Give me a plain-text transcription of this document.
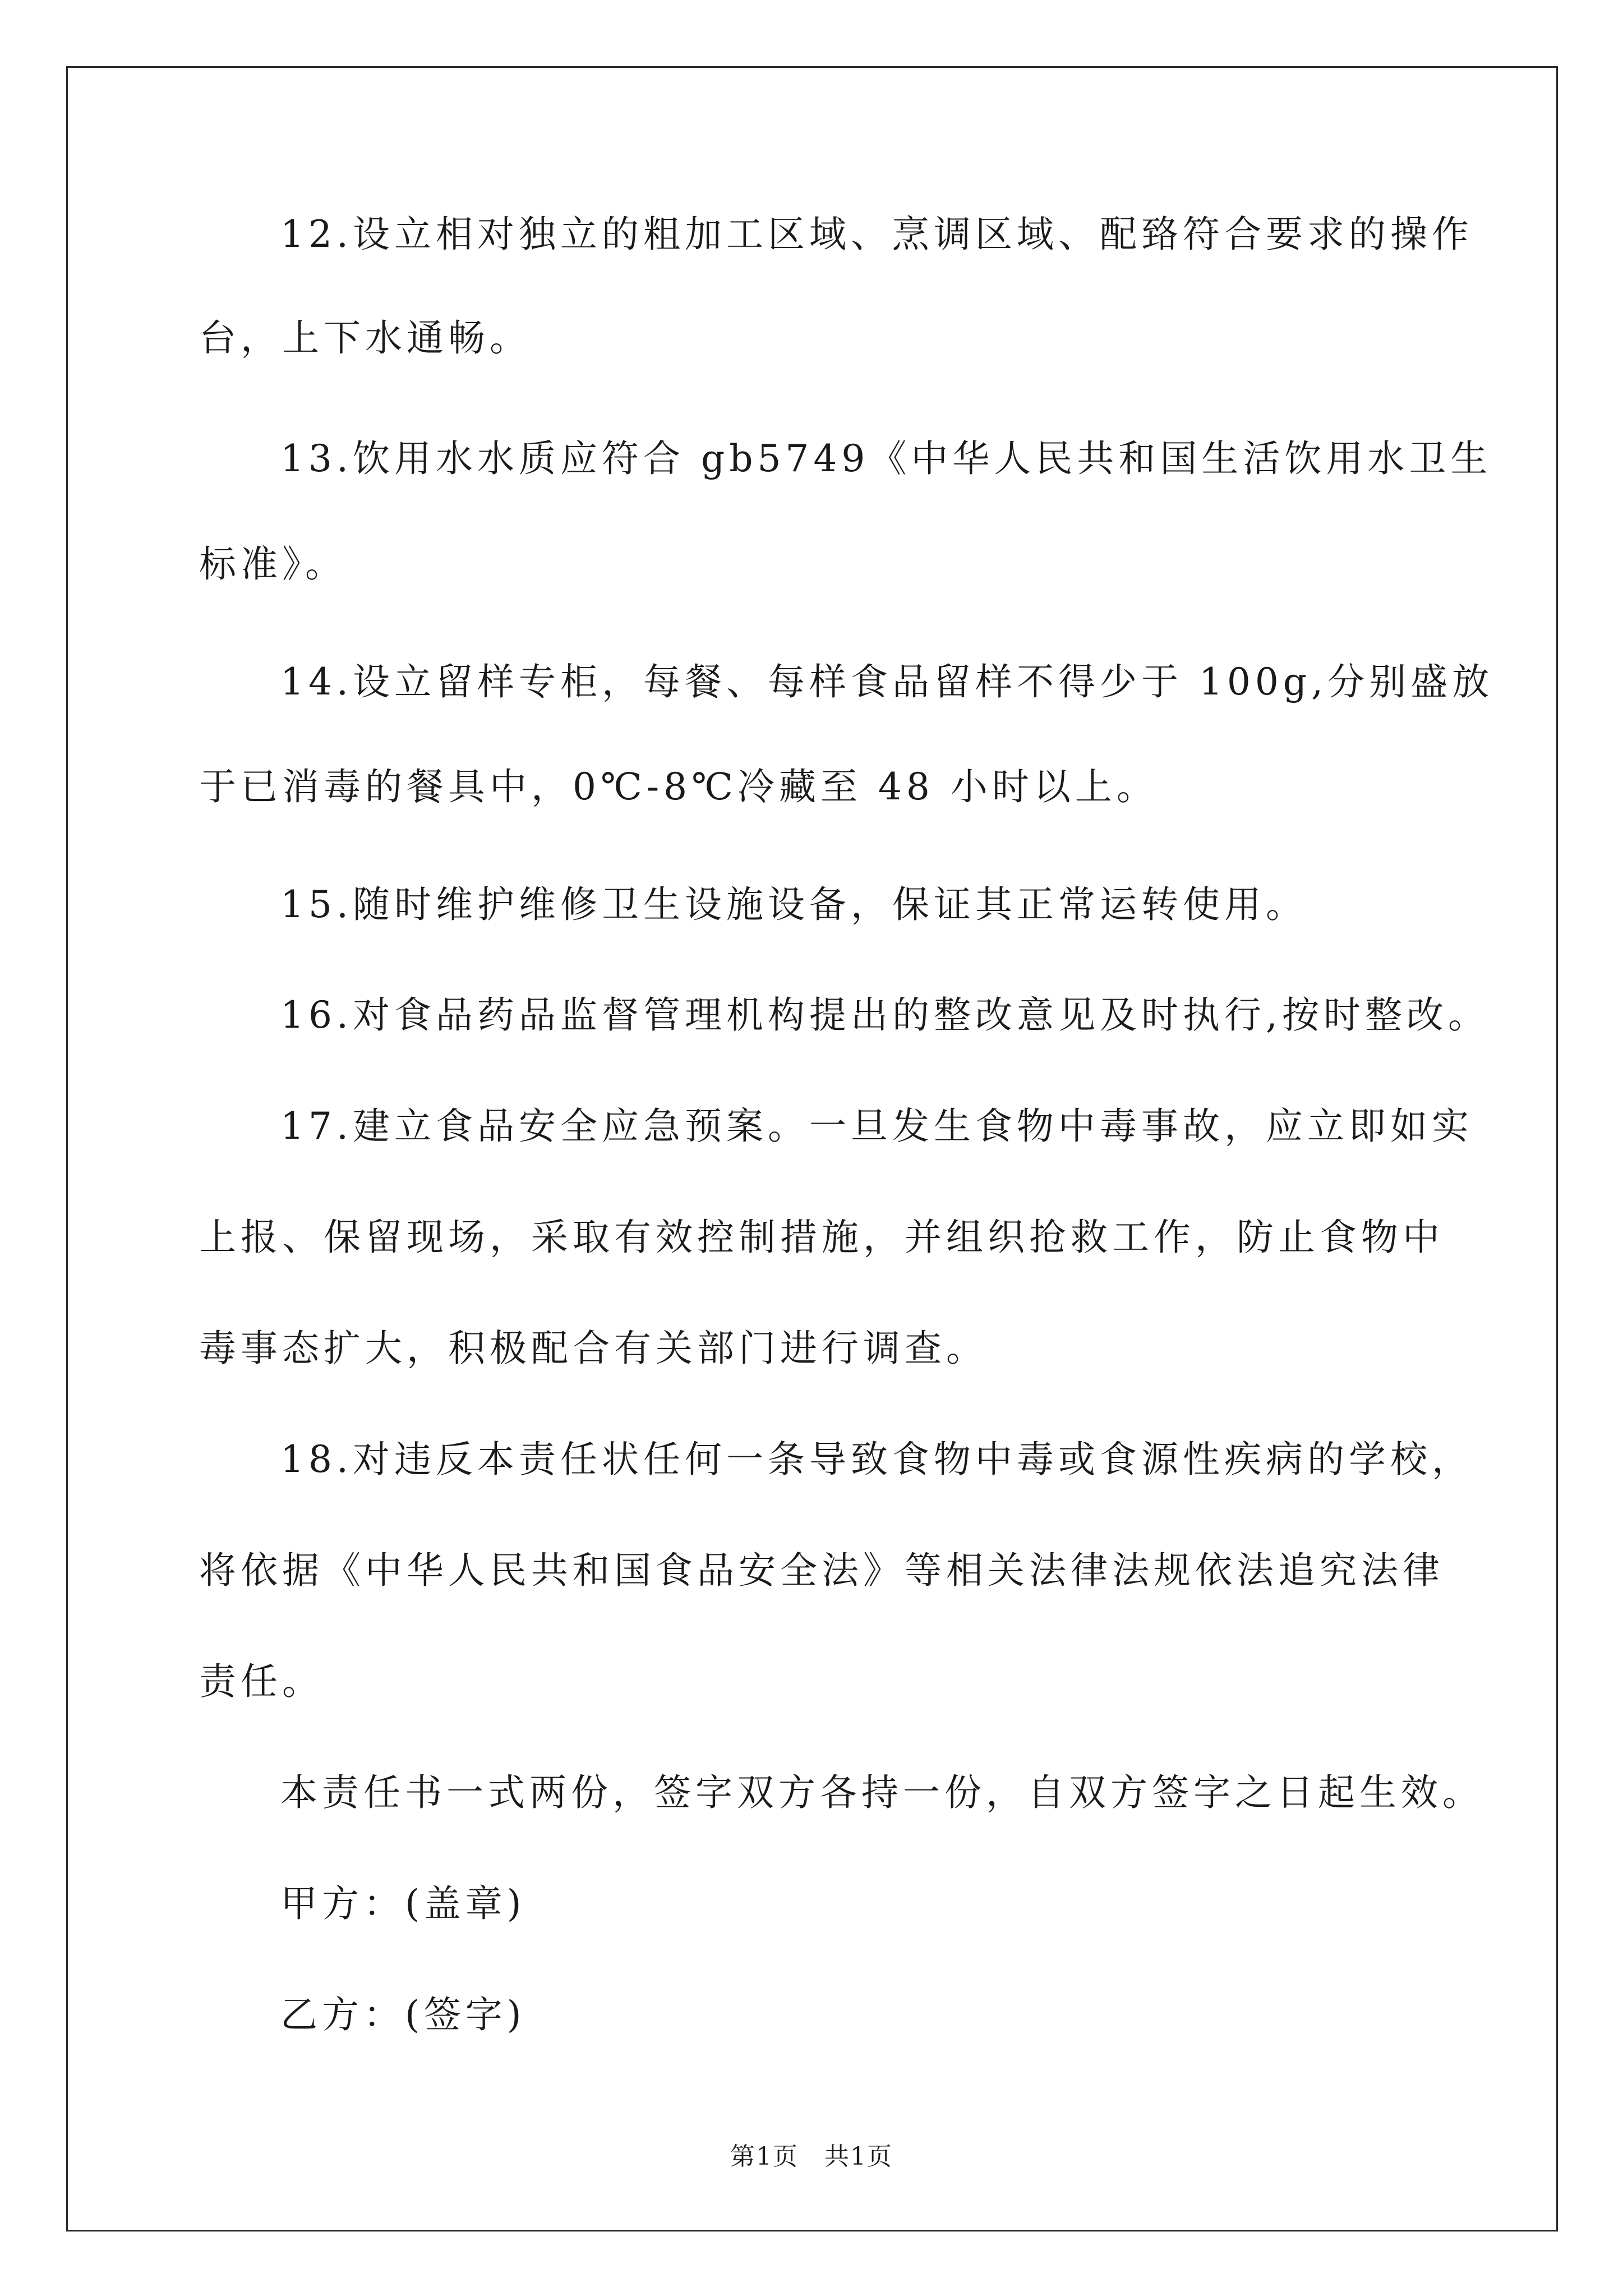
12.设立相对独立的粗加工区域、烹调区域、配臵符合要求的操作
台，上下水通畅。
13.饮用水水质应符合 gb5749《中华人民共和国生活饮用水卫生
标准》。
14.设立留样专柜，每餐、每样食品留样不得少于 100g,分别盛放
于已消毒的餐具中，0℃-8℃冷藏至 48 小时以上。
15.随时维护维修卫生设施设备，保证其正常运转使用。
16.对食品药品监督管理机构提出的整改意见及时执行,按时整改。
17.建立食品安全应急预案。一旦发生食物中毒事故，应立即如实
上报、保留现场，采取有效控制措施，并组织抢救工作，防止食物中
毒事态扩大，积极配合有关部门进行调查。
18.对违反本责任状任何一条导致食物中毒或食源性疾病的学校，
将依据《中华人民共和国食品安全法》等相关法律法规依法追究法律
责任。
本责任书一式两份，签字双方各持一份，自双方签字之日起生效。
甲方：(盖章)
乙方：(签字)
第1页　共1页
